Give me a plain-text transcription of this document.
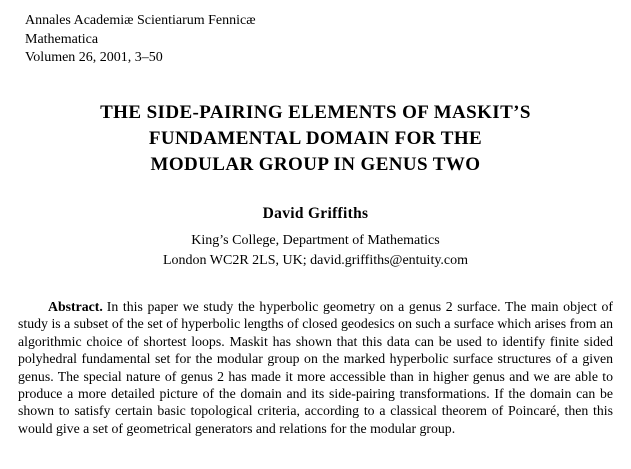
Annales Academiæ Scientiarum Fennicæ
Mathematica
Volumen 26, 2001, 3–50
THE SIDE-PAIRING ELEMENTS OF MASKIT’S
FUNDAMENTAL DOMAIN FOR THE
MODULAR GROUP IN GENUS TWO
David Griffiths
King’s College, Department of Mathematics
London WC2R 2LS, UK; david.griffiths@entuity.com

Abstract. In this paper we study the hyperbolic geometry on a genus 2 surface. The main object of study is a subset of the set of hyperbolic lengths of closed geodesics on such a surface which arises from an algorithmic choice of shortest loops. Maskit has shown that this data can be used to identify finite sided polyhedral fundamental set for the modular group on the marked hyperbolic surface structures of a given genus. The special nature of genus 2 has made it more accessible than in higher genus and we are able to produce a more detailed picture of the domain and its side-pairing transformations. If the domain can be shown to satisfy certain basic topological criteria, according to a classical theorem of Poincaré, then this would give a set of geometrical generators and relations for the modular group.
